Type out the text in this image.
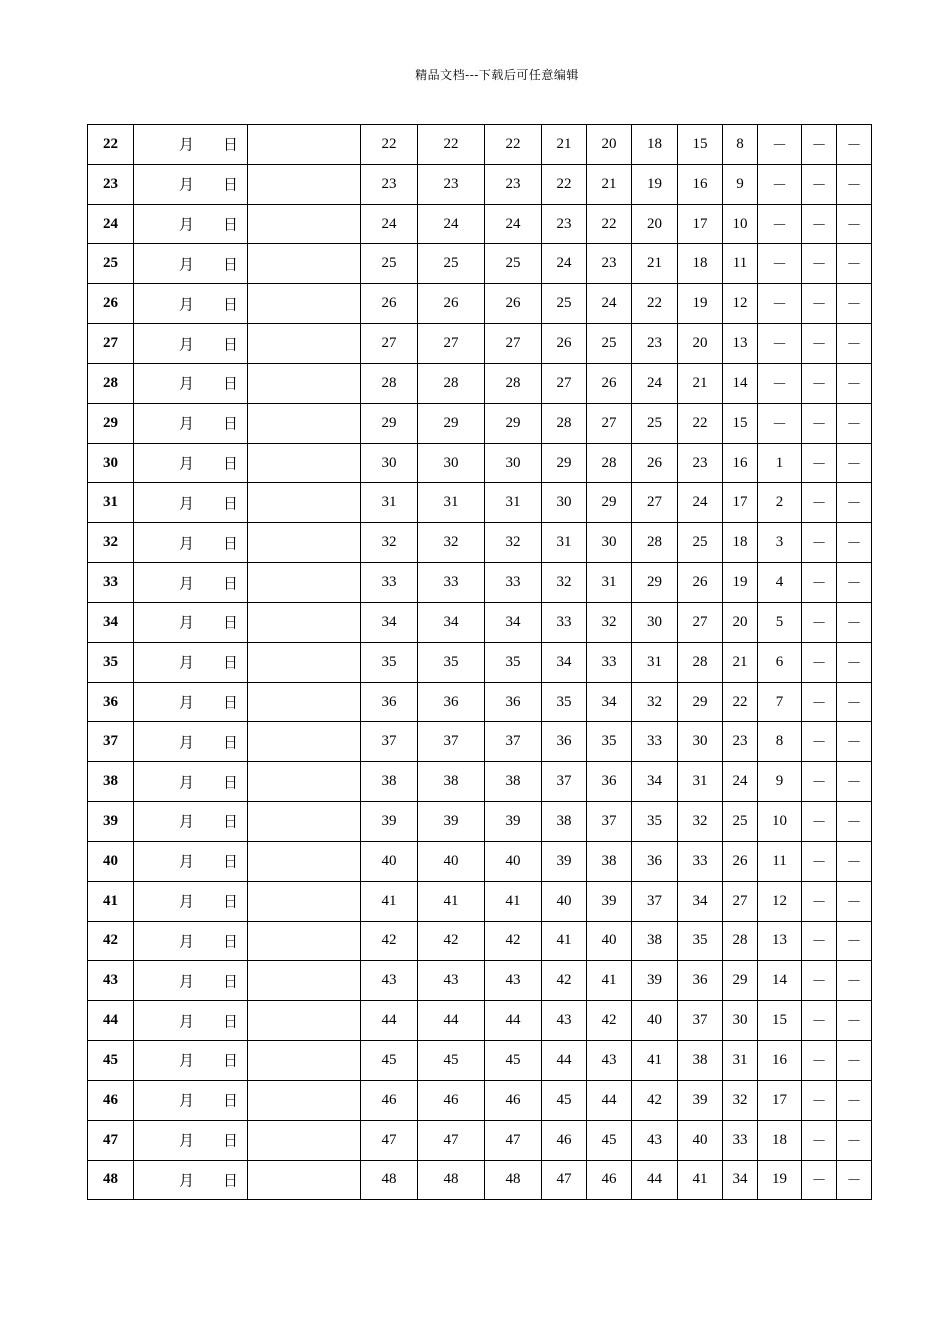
精品文档---下载后可任意编辑
22	月 日		22	22	22	21	20	18	15	8	－	－	－
23	月 日		23	23	23	22	21	19	16	9	－	－	－
24	月 日		24	24	24	23	22	20	17	10	－	－	－
25	月 日		25	25	25	24	23	21	18	11	－	－	－
26	月 日		26	26	26	25	24	22	19	12	－	－	－
27	月 日		27	27	27	26	25	23	20	13	－	－	－
28	月 日		28	28	28	27	26	24	21	14	－	－	－
29	月 日		29	29	29	28	27	25	22	15	－	－	－
30	月 日		30	30	30	29	28	26	23	16	1	－	－
31	月 日		31	31	31	30	29	27	24	17	2	－	－
32	月 日		32	32	32	31	30	28	25	18	3	－	－
33	月 日		33	33	33	32	31	29	26	19	4	－	－
34	月 日		34	34	34	33	32	30	27	20	5	－	－
35	月 日		35	35	35	34	33	31	28	21	6	－	－
36	月 日		36	36	36	35	34	32	29	22	7	－	－
37	月 日		37	37	37	36	35	33	30	23	8	－	－
38	月 日		38	38	38	37	36	34	31	24	9	－	－
39	月 日		39	39	39	38	37	35	32	25	10	－	－
40	月 日		40	40	40	39	38	36	33	26	11	－	－
41	月 日		41	41	41	40	39	37	34	27	12	－	－
42	月 日		42	42	42	41	40	38	35	28	13	－	－
43	月 日		43	43	43	42	41	39	36	29	14	－	－
44	月 日		44	44	44	43	42	40	37	30	15	－	－
45	月 日		45	45	45	44	43	41	38	31	16	－	－
46	月 日		46	46	46	45	44	42	39	32	17	－	－
47	月 日		47	47	47	46	45	43	40	33	18	－	－
48	月 日		48	48	48	47	46	44	41	34	19	－	－
